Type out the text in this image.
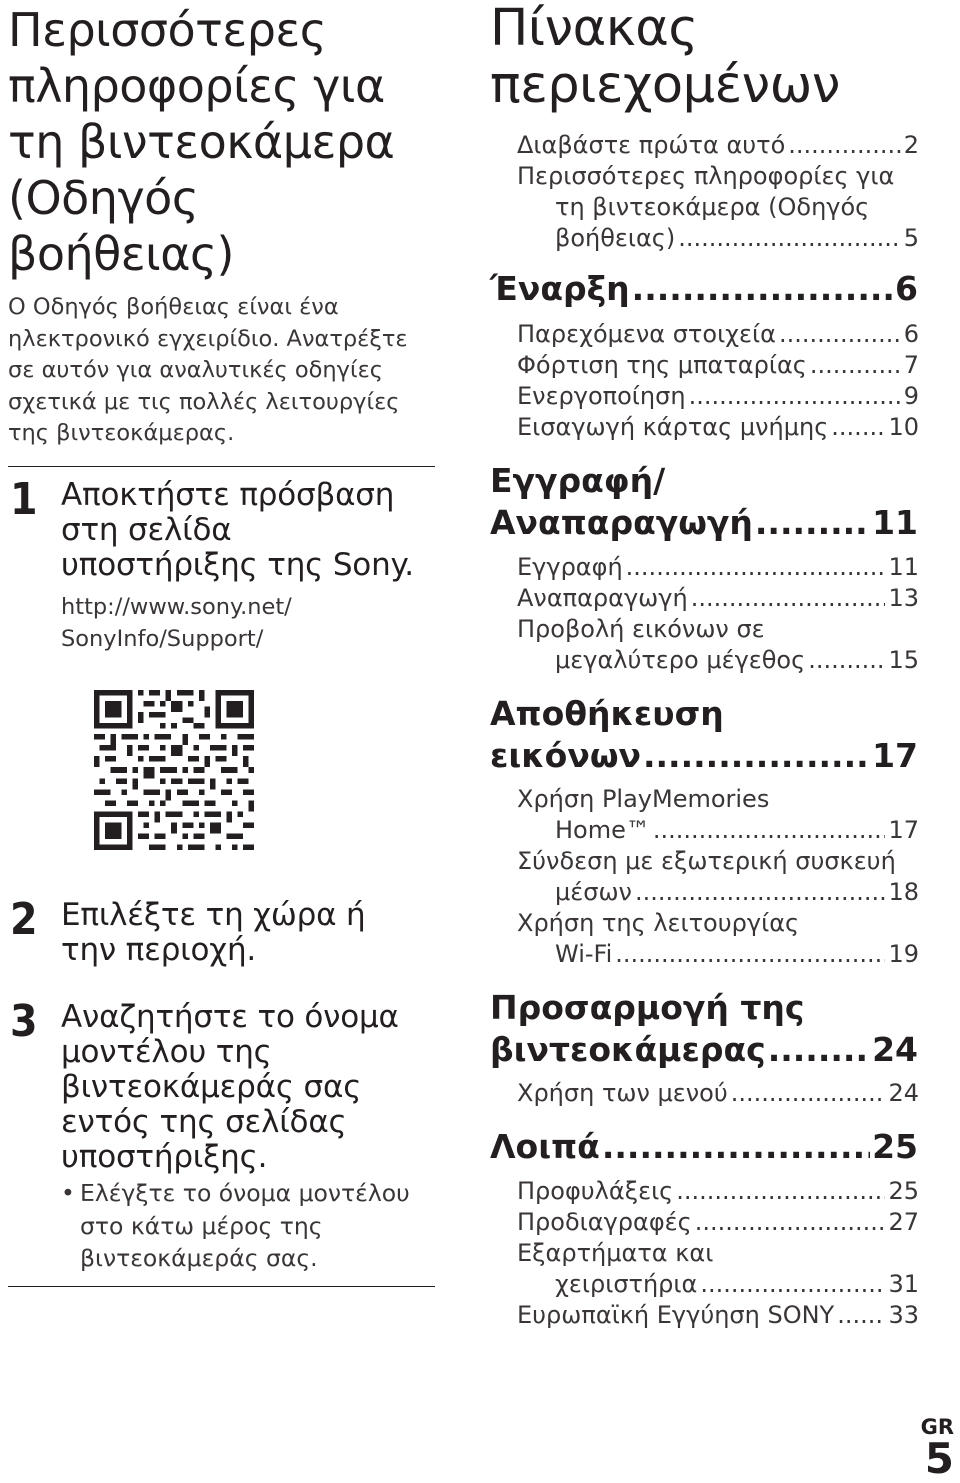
Περισσότερες
πληροφορίες για
τη βιντεοκάμερα
(Οδηγός
βοήθειας)
Ο Οδηγός βοήθειας είναι ένα
ηλεκτρονικό εγχειρίδιο. Ανατρέξτε
σε αυτόν για αναλυτικές οδηγίες
σχετικά με τις πολλές λειτουργίες
της βιντεοκάμερας.
1 Αποκτήστε πρόσβαση
στη σελίδα
υποστήριξης της Sony.
http://www.sony.net/
SonyInfo/Support/
2 Επιλέξτε τη χώρα ή
την περιοχή.
3 Αναζητήστε το όνομα
μοντέλου της
βιντεοκάμεράς σας
εντός της σελίδας
υποστήριξης.
• Ελέγξτε το όνομα μοντέλου
στο κάτω μέρος της
βιντεοκάμεράς σας.
Πίνακας
περιεχομένων
Διαβάστε πρώτα αυτό .....	2
Περισσότερες πληροφορίες για
τη βιντεοκάμερα (Οδηγός
βοήθειας) .....	5
Έναρξη .....	6
Παρεχόμενα στοιχεία .....	6
Φόρτιση της μπαταρίας .....	7
Ενεργοποίηση .....	9
Εισαγωγή κάρτας μνήμης .....	10
Εγγραφή/
Αναπαραγωγή .....	11
Εγγραφή .....	11
Αναπαραγωγή .....	13
Προβολή εικόνων σε
μεγαλύτερο μέγεθος .....	15
Αποθήκευση
εικόνων .....	17
Χρήση PlayMemories
Home™ .....	17
Σύνδεση με εξωτερική συσκευή
μέσων .....	18
Χρήση της λειτουργίας
Wi-Fi .....	19
Προσαρμογή της
βιντεοκάμερας .....	24
Χρήση των μενού .....	24
Λοιπά .....	25
Προφυλάξεις .....	25
Προδιαγραφές .....	27
Εξαρτήματα και
χειριστήρια .....	31
Ευρωπαϊκή Εγγύηση SONY ..... 33
GR
5
